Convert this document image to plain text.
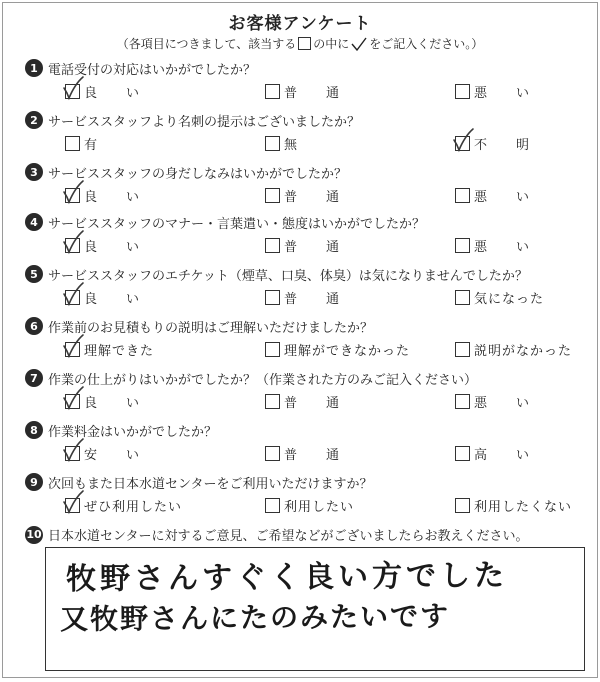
お客様アンケート
（各項目につきまして、該当する の中に をご記入ください。）
1 電話受付の対応はいかがでしたか？
良　　い	普　　通	悪　　い
2 サービススタッフより名刺の提示はございましたか？
有	無	不　　明
3 サービススタッフの身だしなみはいかがでしたか？
良　　い	普　　通	悪　　い
4 サービススタッフのマナー・言葉遣い・態度はいかがでしたか？
良　　い	普　　通	悪　　い
5 サービススタッフのエチケット（煙草、口臭、体臭）は気になりませんでしたか？
良　　い	普　　通	気になった
6 作業前のお見積もりの説明はご理解いただけましたか？
理解できた	理解ができなかった	説明がなかった
7 作業の仕上がりはいかがでしたか？（作業された方のみご記入ください）
良　　い	普　　通	悪　　い
8 作業料金はいかがでしたか？
安　　い	普　　通	高　　い
9 次回もまた日本水道センターをご利用いただけますか？
ぜひ利用したい	利用したい	利用したくない
10 日本水道センターに対するご意見、ご希望などがございましたらお教えください。
牧野さんすぐく良い方でした
又牧野さんにたのみたいです
